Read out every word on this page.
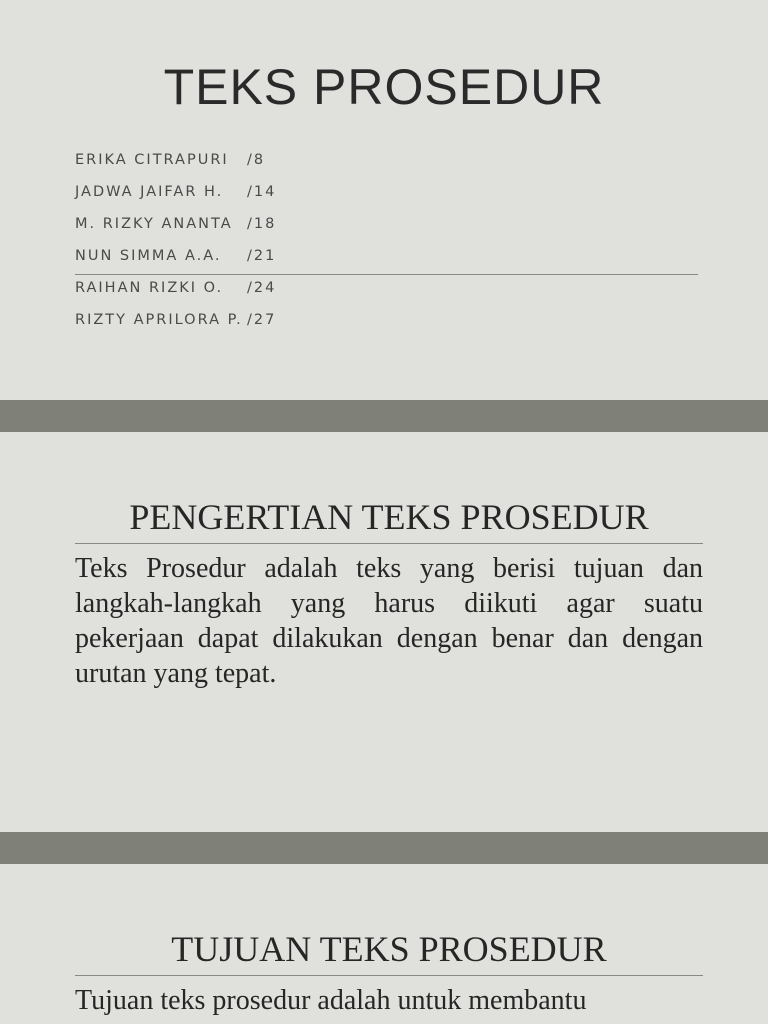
TEKS PROSEDUR
ERIKA CITRAPURI /8
JADWA JAIFAR H. /14
M. RIZKY ANANTA /18
NUN SIMMA A.A. /21
RAIHAN RIZKI O. /24
RIZTY APRILORA P. /27
PENGERTIAN TEKS PROSEDUR
Teks Prosedur adalah teks yang berisi tujuan dan langkah-langkah yang harus diikuti agar suatu pekerjaan dapat dilakukan dengan benar dan dengan urutan yang tepat.
TUJUAN TEKS PROSEDUR
Tujuan teks prosedur adalah untuk membantu
